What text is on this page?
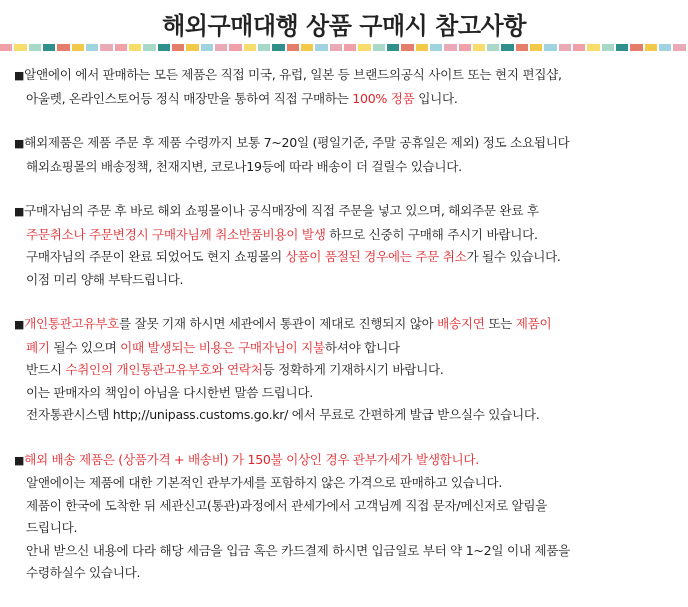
해외구매대행 상품 구매시 참고사항
■알앤에이 에서 판매하는 모든 제품은 직접 미국, 유럽, 일본 등 브랜드의공식 사이트 또는 현지 편집샵,
아울렛, 온라인스토어등 정식 매장만을 통하여 직접 구매하는 100% 정품 입니다.
■해외제품은 제품 주문 후 제품 수령까지 보통 7~20일 (평일기준, 주말 공휴일은 제외) 정도 소요됩니다
해외쇼핑몰의 배송정책, 천재지변, 코로나19등에 따라 배송이 더 걸릴수 있습니다.
■구매자님의 주문 후 바로 해외 쇼핑몰이나 공식매장에 직접 주문을 넣고 있으며, 해외주문 완료 후
주문취소나 주문변경시 구매자님께 취소반품비용이 발생 하므로 신중히 구매해 주시기 바랍니다.
구매자님의 주문이 완료 되었어도 현지 쇼핑몰의 상품이 품절된 경우에는 주문 취소가 될수 있습니다.
이점 미리 양해 부탁드립니다.
■개인통관고유부호를 잘못 기재 하시면 세관에서 통관이 제대로 진행되지 않아 배송지연 또는 제품이
폐기 될수 있으며 이때 발생되는 비용은 구매자님이 지불하셔야 합니다
반드시 수취인의 개인통관고유부호와 연락처등 정확하게 기재하시기 바랍니다.
이는 판매자의 책임이 아님을 다시한번 말씀 드립니다.
전자통관시스템 http;//unipass.customs.go.kr/ 에서 무료로 간편하게 발급 받으실수 있습니다.
■해외 배송 제품은 (상품가격 + 배송비) 가 150불 이상인 경우 관부가세가 발생합니다.
알앤에이는 제품에 대한 기본적인 관부가세를 포함하지 않은 가격으로 판매하고 있습니다.
제품이 한국에 도착한 뒤 세관신고(통관)과정에서 관세가에서 고객님께 직접 문자/메신저로 알림을
드립니다.
안내 받으신 내용에 다라 해당 세금을 입금 혹은 카드결제 하시면 입금일로 부터 약 1~2일 이내 제품을
수령하실수 있습니다.
